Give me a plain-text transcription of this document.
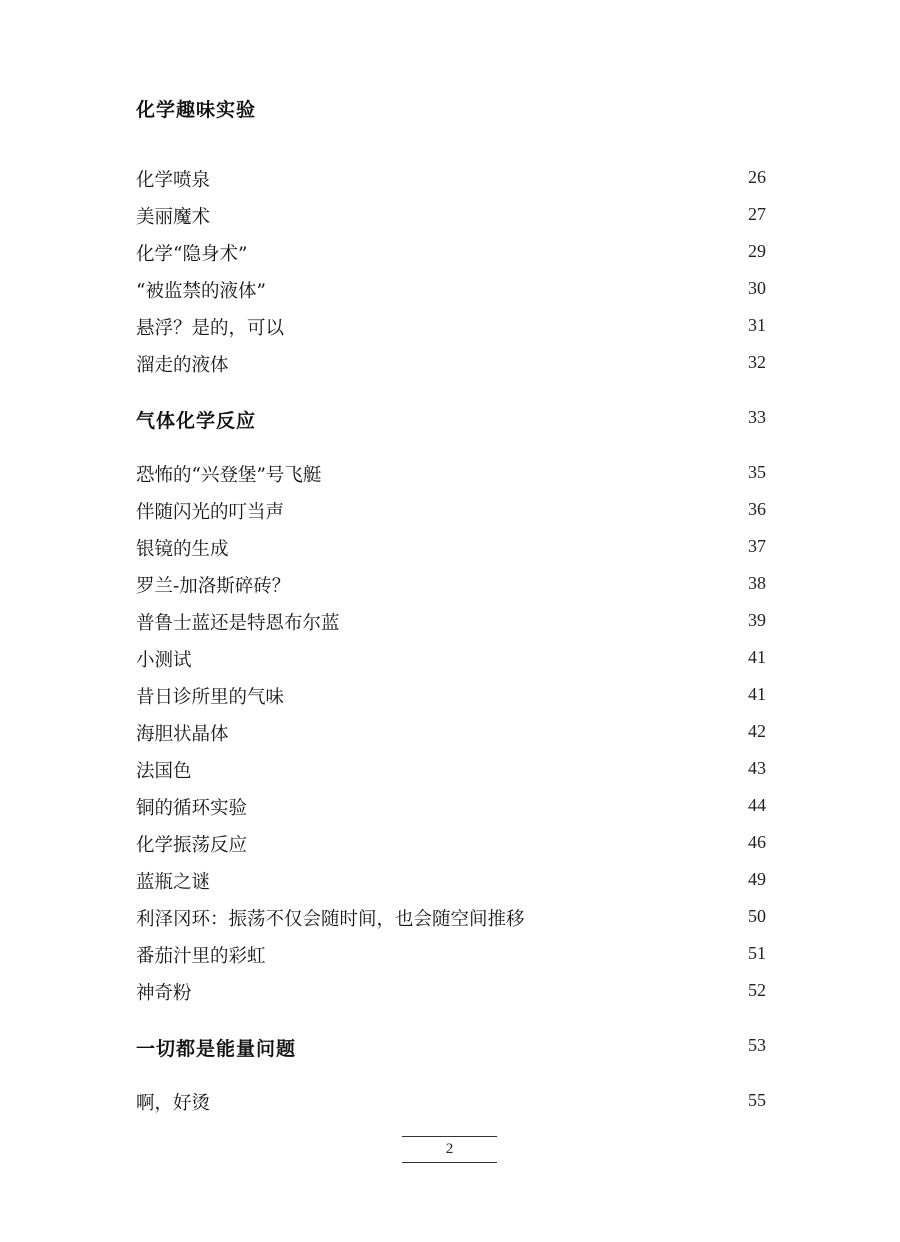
化学趣味实验
化学喷泉	26
美丽魔术	27
化学“隐身术”	29
“被监禁的液体”	30
悬浮？是的，可以	31
溜走的液体	32
气体化学反应	33
恐怖的“兴登堡”号飞艇	35
伴随闪光的叮当声	36
银镜的生成	37
罗兰-加洛斯碎砖？	38
普鲁士蓝还是特恩布尔蓝	39
小测试	41
昔日诊所里的气味	41
海胆状晶体	42
法国色	43
铜的循环实验	44
化学振荡反应	46
蓝瓶之谜	49
利泽冈环：振荡不仅会随时间，也会随空间推移	50
番茄汁里的彩虹	51
神奇粉	52
一切都是能量问题	53
啊，好烫	55
2
